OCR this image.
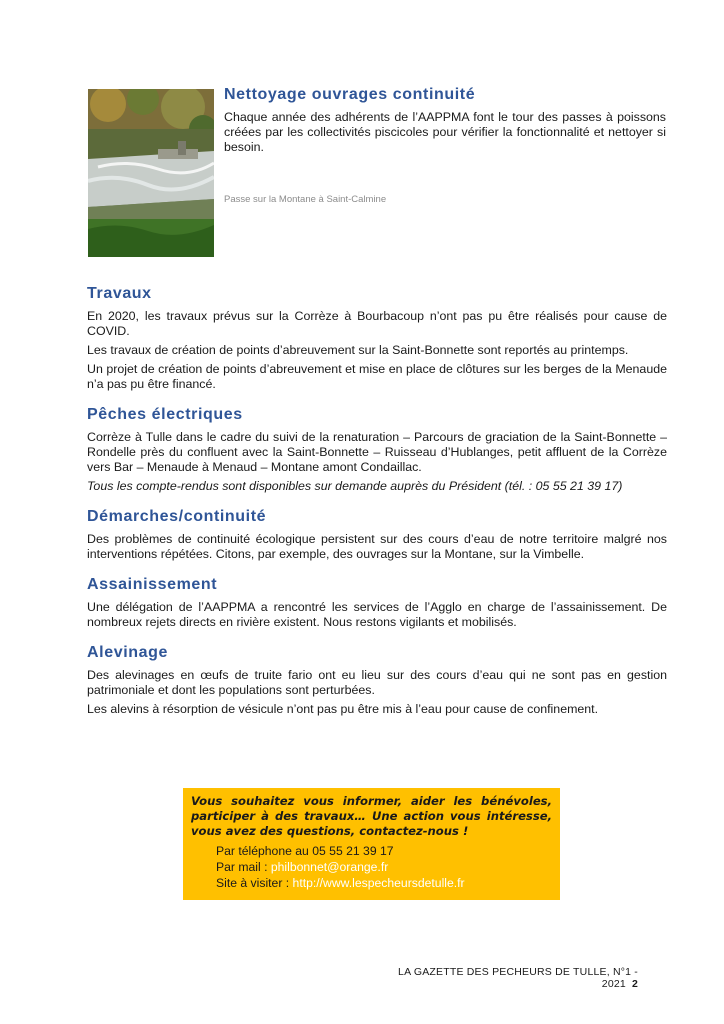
Nettoyage ouvrages continuité

Chaque année des adhérents de l’AAPPMA font le tour des passes à poissons créées par les collectivités piscicoles pour vérifier la fonctionnalité et nettoyer si besoin.

Passe sur la Montane à Saint-Calmine
Travaux

En 2020, les travaux prévus sur la Corrèze à Bourbacoup n’ont pas pu être réalisés pour cause de COVID.

Les travaux de création de points d’abreuvement sur la Saint-Bonnette sont reportés au printemps.

Un projet de création de points d’abreuvement et mise en place de clôtures sur les berges de la Menaude n’a pas pu être financé.

Pêches électriques

Corrèze à Tulle dans le cadre du suivi de la renaturation – Parcours de graciation de la Saint-Bonnette – Rondelle près du confluent avec la Saint-Bonnette – Ruisseau d’Hublanges, petit affluent de la Corrèze vers Bar – Menaude à Menaud – Montane amont Condaillac.

Tous les compte-rendus sont disponibles sur demande auprès du Président (tél. : 05 55 21 39 17)

Démarches/continuité

Des problèmes de continuité écologique persistent sur des cours d’eau de notre territoire malgré nos interventions répétées. Citons, par exemple, des ouvrages sur la Montane, sur la Vimbelle.

Assainissement

Une délégation de l’AAPPMA a rencontré les services de l’Agglo en charge de l’assainissement. De nombreux rejets directs en rivière existent. Nous restons vigilants et mobilisés.

Alevinage

Des alevinages en œufs de truite fario ont eu lieu sur des cours d’eau qui ne sont pas en gestion patrimoniale et dont les populations sont perturbées.

Les alevins à résorption de vésicule n’ont pas pu être mis à l’eau pour cause de confinement.

Vous souhaitez vous informer, aider les bénévoles, participer à des travaux… Une action vous intéresse, vous avez des questions, contactez-nous !

Par téléphone au 05 55 21 39 17
Par mail : philbonnet@orange.fr
Site à visiter : http://www.lespecheursdetulle.fr
LA GAZETTE DES PECHEURS DE TULLE, N°1 - 2021 2
